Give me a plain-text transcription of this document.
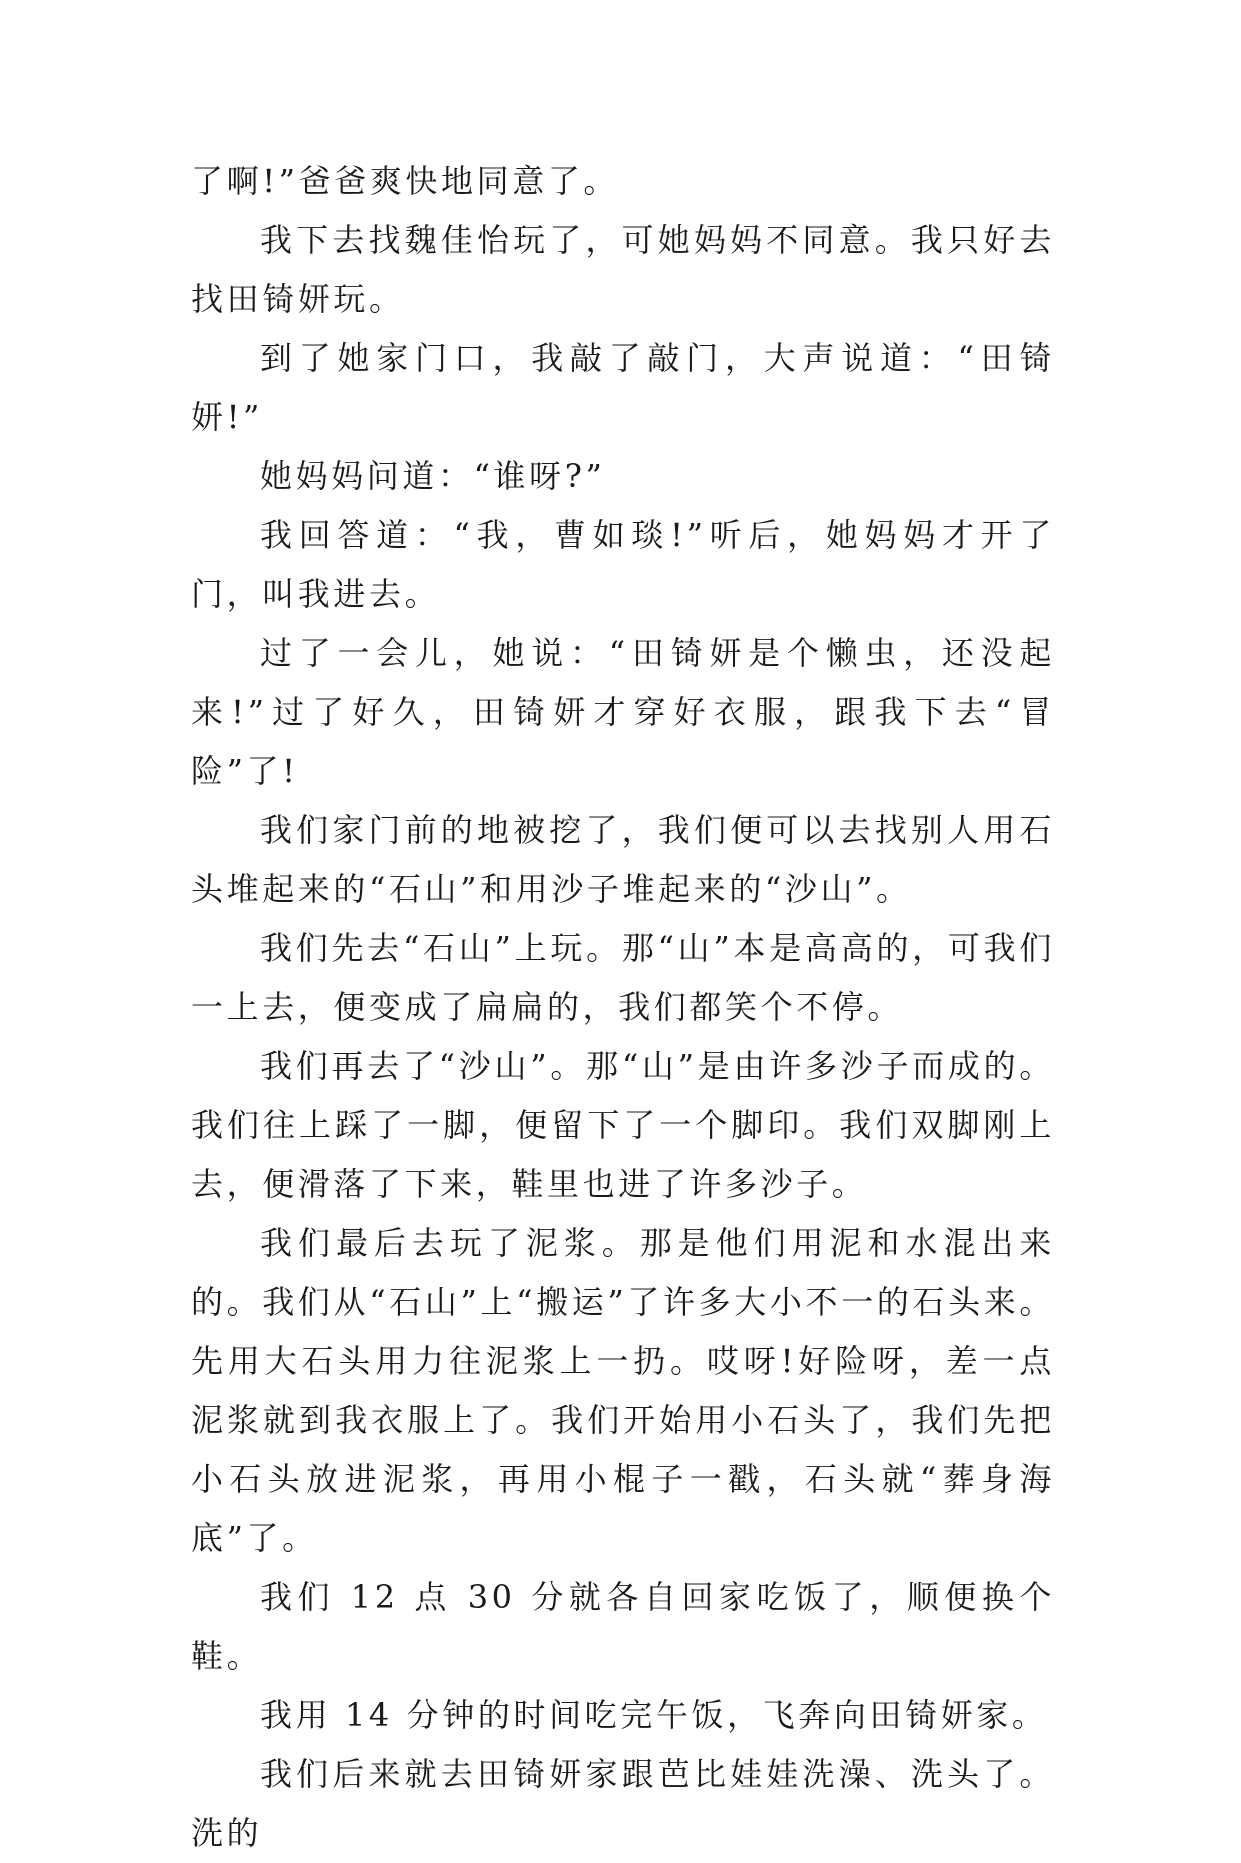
了啊!”爸爸爽快地同意了。

我下去找魏佳怡玩了，可她妈妈不同意。我只好去找田锜妍玩。

到了她家门口，我敲了敲门，大声说道：“田锜妍!”

她妈妈问道：“谁呀?”

我回答道：“我，曹如琰!”听后，她妈妈才开了门，叫我进去。

过了一会儿，她说：“田锜妍是个懒虫，还没起来!”过了好久，田锜妍才穿好衣服，跟我下去“冒险”了!

我们家门前的地被挖了，我们便可以去找别人用石头堆起来的“石山”和用沙子堆起来的“沙山”。

我们先去“石山”上玩。那“山”本是高高的，可我们一上去，便变成了扁扁的，我们都笑个不停。

我们再去了“沙山”。那“山”是由许多沙子而成的。我们往上踩了一脚，便留下了一个脚印。我们双脚刚上去，便滑落了下来，鞋里也进了许多沙子。

我们最后去玩了泥浆。那是他们用泥和水混出来的。我们从“石山”上“搬运”了许多大小不一的石头来。先用大石头用力往泥浆上一扔。哎呀!好险呀，差一点泥浆就到我衣服上了。我们开始用小石头了，我们先把小石头放进泥浆，再用小棍子一戳，石头就“葬身海底”了。

我们 12 点 30 分就各自回家吃饭了，顺便换个鞋。

我用 14 分钟的时间吃完午饭，飞奔向田锜妍家。

我们后来就去田锜妍家跟芭比娃娃洗澡、洗头了。洗的
